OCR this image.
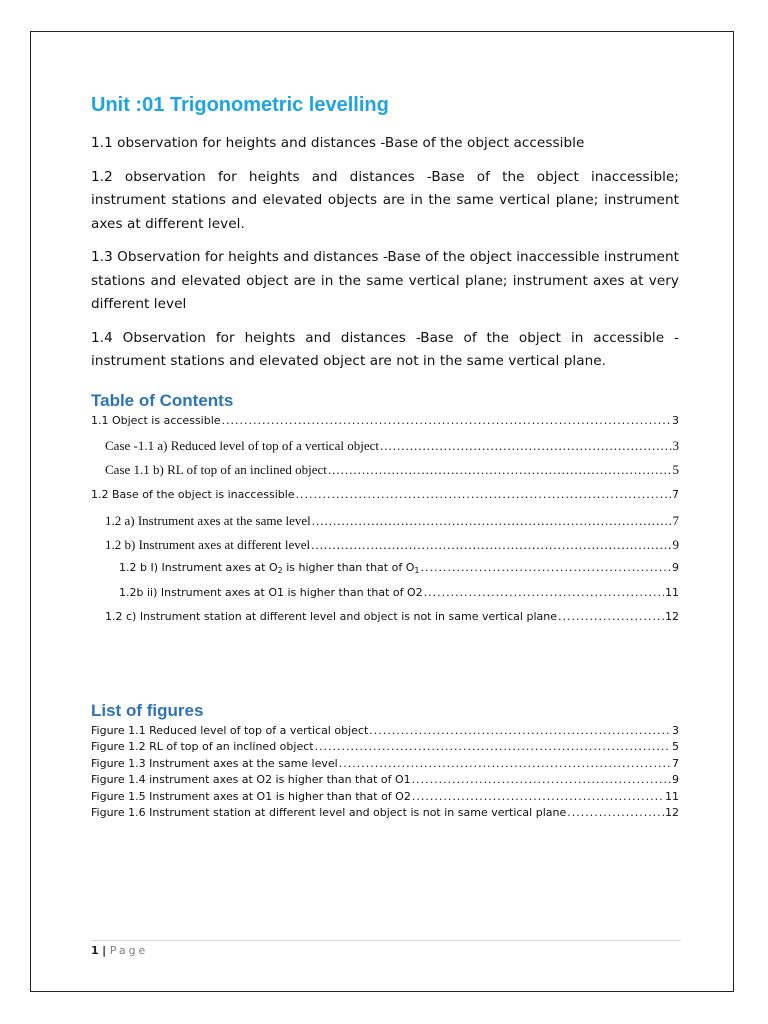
Unit :01 Trigonometric levelling

1.1 observation for heights and distances -Base of the object accessible

1.2 observation for heights and distances -Base of the object inaccessible; instrument stations and elevated objects are in the same vertical plane; instrument axes at different level.

1.3 Observation for heights and distances -Base of the object inaccessible instrument stations and elevated object are in the same vertical plane; instrument axes at very different level

1.4 Observation for heights and distances -Base of the object in accessible -instrument stations and elevated object are not in the same vertical plane.

Table of Contents
1.1 Object is accessible .....	3
Case -1.1 a) Reduced level of top of a vertical object .....	3
Case 1.1 b) RL of top of an inclined object .....	5
1.2 Base of the object is inaccessible .....	7
1.2 a) Instrument axes at the same level .....	7
1.2 b) Instrument axes at different level .....	9
1.2 b I) Instrument axes at $O_2$ is higher than that of $O_1$ .....	9
1.2b ii) Instrument axes at O1 is higher than that of O2 .....	11
1.2 c) Instrument station at different level and object is not in same vertical plane .....	12
List of figures
Figure 1.1 Reduced level of top of a vertical object .....	3
Figure 1.2 RL of top of an inclined object .....	5
Figure 1.3 Instrument axes at the same level .....	7
Figure 1.4 instrument axes at O2 is higher than that of O1 .....	9
Figure 1.5 Instrument axes at O1 is higher than that of O2 .....	11
Figure 1.6 Instrument station at different level and object is not in same vertical plane .....	12
1 | Page
